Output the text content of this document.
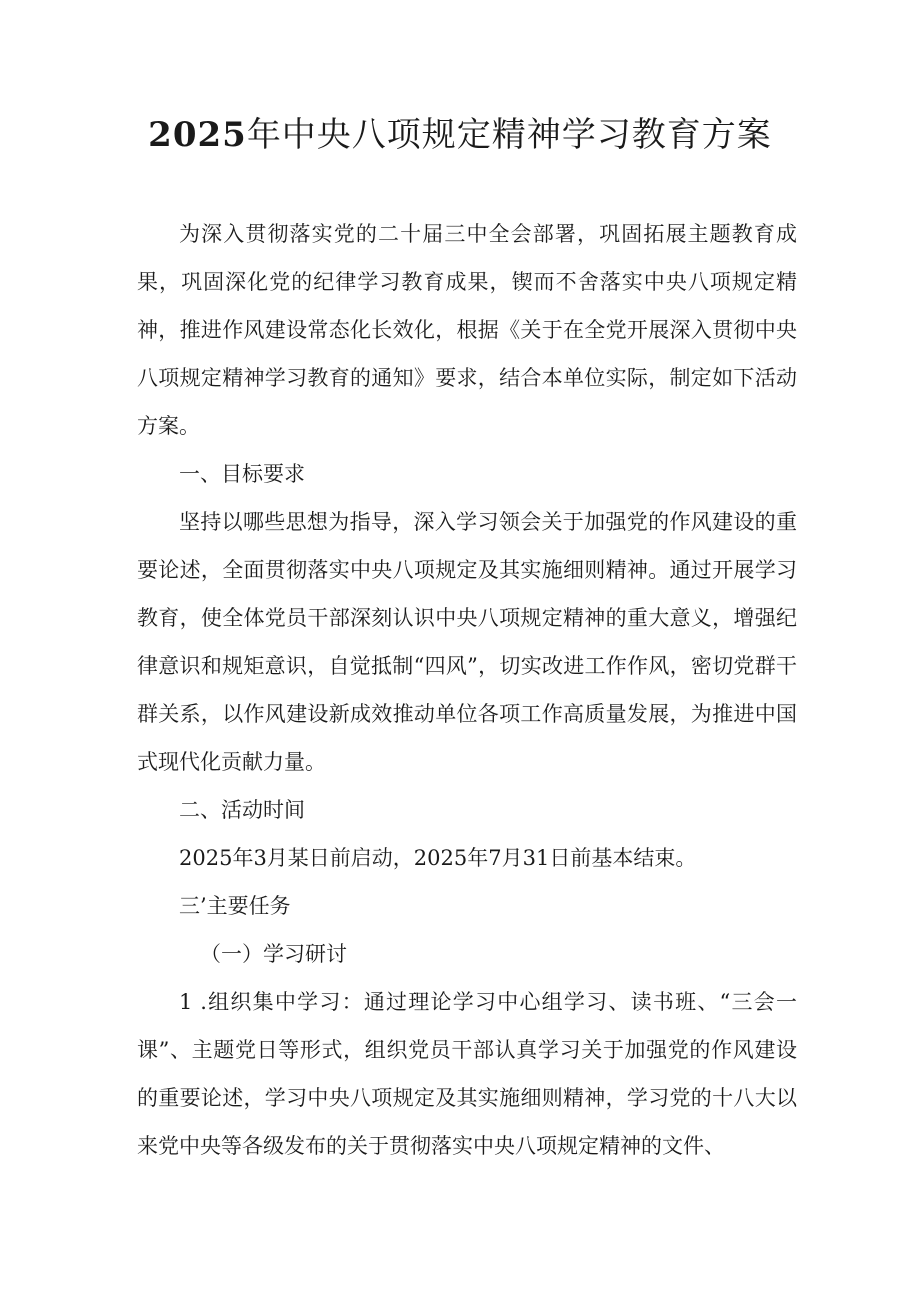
2025年中央八项规定精神学习教育方案

为深入贯彻落实党的二十届三中全会部署，巩固拓展主题教育成果，巩固深化党的纪律学习教育成果，锲而不舍落实中央八项规定精神，推进作风建设常态化长效化，根据《关于在全党开展深入贯彻中央八项规定精神学习教育的通知》要求，结合本单位实际，制定如下活动方案。

一、目标要求

坚持以哪些思想为指导，深入学习领会关于加强党的作风建设的重要论述，全面贯彻落实中央八项规定及其实施细则精神。通过开展学习教育，使全体党员干部深刻认识中央八项规定精神的重大意义，增强纪律意识和规矩意识，自觉抵制“四风”，切实改进工作作风，密切党群干群关系，以作风建设新成效推动单位各项工作高质量发展，为推进中国式现代化贡献力量。

二、活动时间

2025年3月某日前启动，2025年7月31日前基本结束。

三’主要任务

（一）学习研讨

1 .组织集中学习：通过理论学习中心组学习、读书班、“三会一课”、主题党日等形式，组织党员干部认真学习关于加强党的作风建设的重要论述，学习中央八项规定及其实施细则精神，学习党的十八大以来党中央等各级发布的关于贯彻落实中央八项规定精神的文件、
